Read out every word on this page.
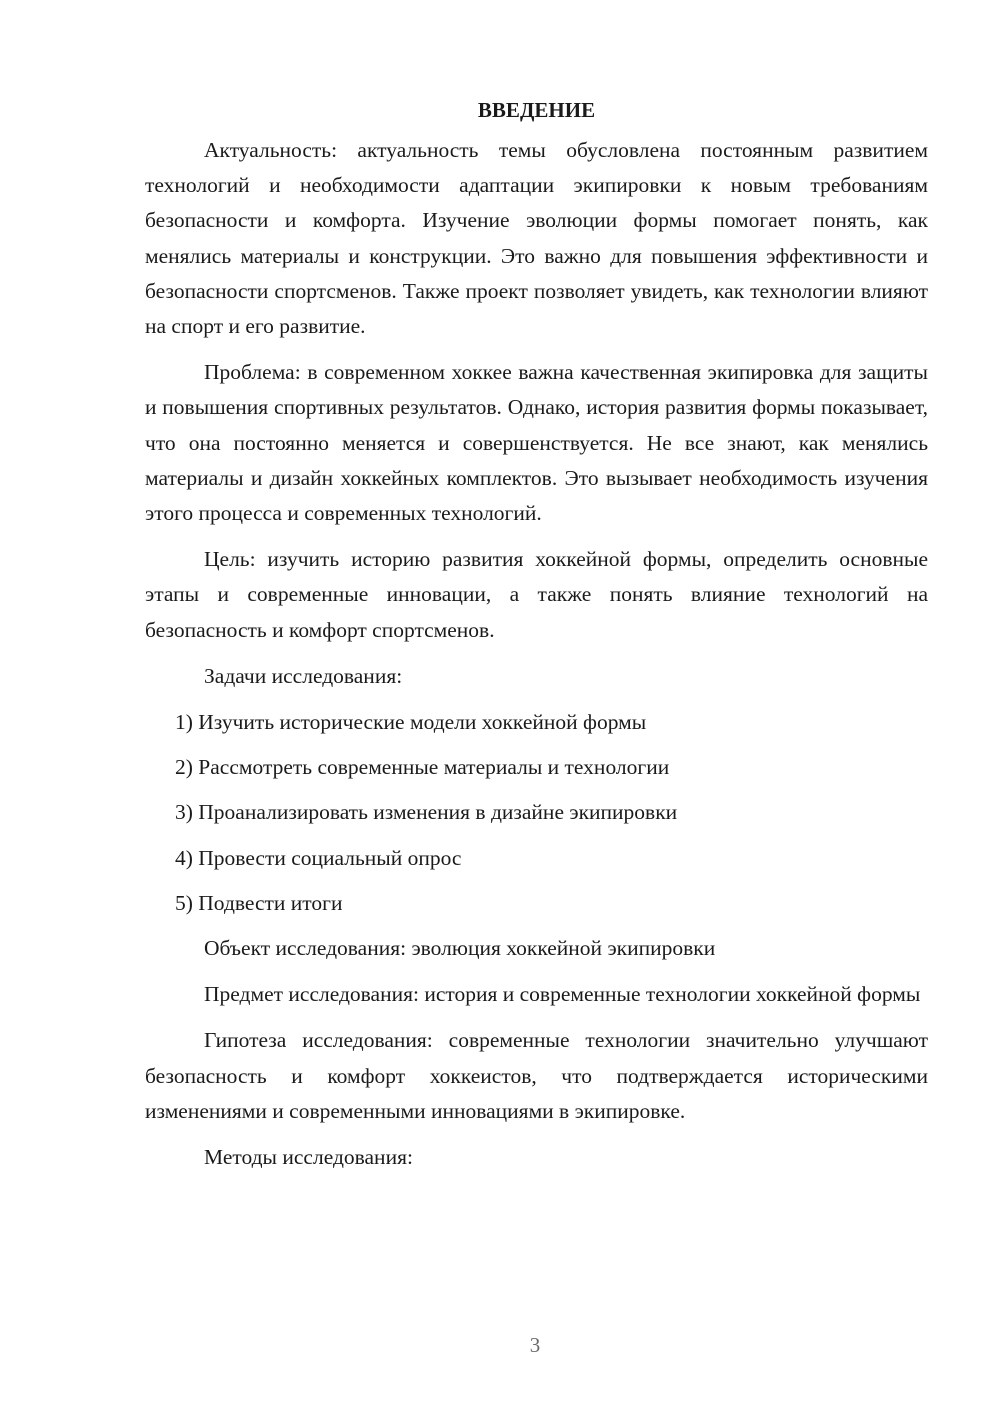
ВВЕДЕНИЕ

Актуальность: актуальность темы обусловлена постоянным развитием технологий и необходимости адаптации экипировки к новым требованиям безопасности и комфорта. Изучение эволюции формы помогает понять, как менялись материалы и конструкции. Это важно для повышения эффективности и безопасности спортсменов. Также проект позволяет увидеть, как технологии влияют на спорт и его развитие.

Проблема: в современном хоккее важна качественная экипировка для защиты и повышения спортивных результатов. Однако, история развития формы показывает, что она постоянно меняется и совершенствуется. Не все знают, как менялись материалы и дизайн хоккейных комплектов. Это вызывает необходимость изучения этого процесса и современных технологий.

Цель: изучить историю развития хоккейной формы, определить основные этапы и современные инновации, а также понять влияние технологий на безопасность и комфорт спортсменов.

Задачи исследования:

1) Изучить исторические модели хоккейной формы
2) Рассмотреть современные материалы и технологии
3) Проанализировать изменения в дизайне экипировки
4) Провести социальный опрос
5) Подвести итоги

Объект исследования: эволюция хоккейной экипировки

Предмет исследования: история и современные технологии хоккейной формы

Гипотеза исследования: современные технологии значительно улучшают безопасность и комфорт хоккеистов, что подтверждается историческими изменениями и современными инновациями в экипировке.

Методы исследования:

3
